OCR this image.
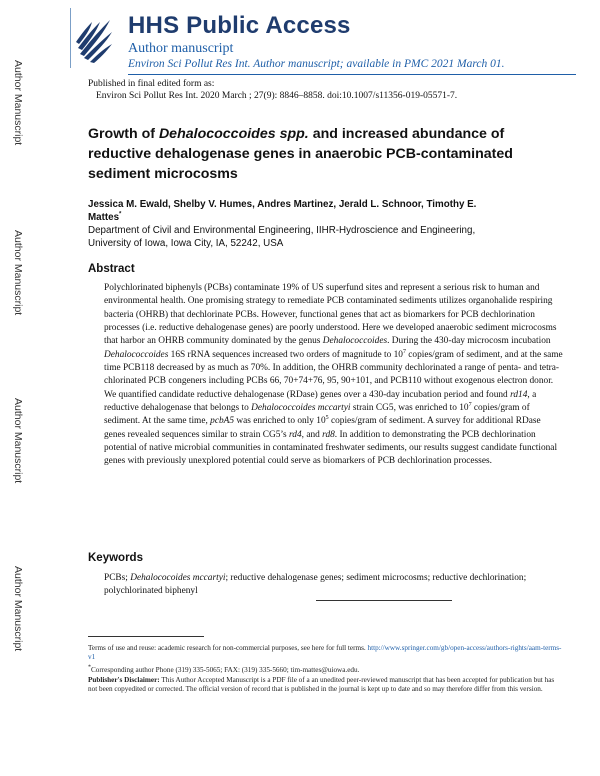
Author Manuscript
Author Manuscript
Author Manuscript
Author Manuscript
HHS Public Access
Author manuscript
Environ Sci Pollut Res Int. Author manuscript; available in PMC 2021 March 01.
Published in final edited form as:
Environ Sci Pollut Res Int. 2020 March ; 27(9): 8846–8858. doi:10.1007/s11356-019-05571-7.
Growth of Dehalococcoides spp. and increased abundance of reductive dehalogenase genes in anaerobic PCB-contaminated sediment microcosms
Jessica M. Ewald, Shelby V. Humes, Andres Martinez, Jerald L. Schnoor, Timothy E.
Mattes*
Department of Civil and Environmental Engineering, IIHR-Hydroscience and Engineering,
University of Iowa, Iowa City, IA, 52242, USA
Abstract
Polychlorinated biphenyls (PCBs) contaminate 19% of US superfund sites and represent a serious risk to human and environmental health. One promising strategy to remediate PCB contaminated sediments utilizes organohalide respiring bacteria (OHRB) that dechlorinate PCBs. However, functional genes that act as biomarkers for PCB dechlorination processes (i.e. reductive dehalogenase genes) are poorly understood. Here we developed anaerobic sediment microcosms that harbor an OHRB community dominated by the genus Dehalococcoides. During the 430-day microcosm incubation Dehalococcoides 16S rRNA sequences increased two orders of magnitude to $10^7$ copies/gram of sediment, and at the same time PCB118 decreased by as much as 70%. In addition, the OHRB community dechlorinated a range of penta- and tetra-chlorinated PCB congeners including PCBs 66, 70+74+76, 95, 90+101, and PCB110 without exogenous electron donor. We quantified candidate reductive dehalogenase (RDase) genes over a 430-day incubation period and found rd14, a reductive dehalogenase that belongs to Dehalococcoides mccartyi strain CG5, was enriched to $10^7$ copies/gram of sediment. At the same time, pcbA5 was enriched to only $10^5$ copies/gram of sediment. A survey for additional RDase genes revealed sequences similar to strain CG5’s rd4, and rd8. In addition to demonstrating the PCB dechlorination potential of native microbial communities in contaminated freshwater sediments, our results suggest candidate functional genes with previously unexplored potential could serve as biomarkers of PCB dechlorination processes.
Keywords
PCBs; Dehalococoides mccartyi; reductive dehalogenase genes; sediment microcosms; reductive dechlorination; polychlorinated biphenyl
Terms of use and reuse: academic research for non-commercial purposes, see here for full terms. http://www.springer.com/gb/open-access/authors-rights/aam-terms-v1
*Corresponding author Phone (319) 335-5065; FAX: (319) 335-5660; tim-mattes@uiowa.edu.
Publisher's Disclaimer: This Author Accepted Manuscript is a PDF file of a an unedited peer-reviewed manuscript that has been accepted for publication but has not been copyedited or corrected. The official version of record that is published in the journal is kept up to date and so may therefore differ from this version.
